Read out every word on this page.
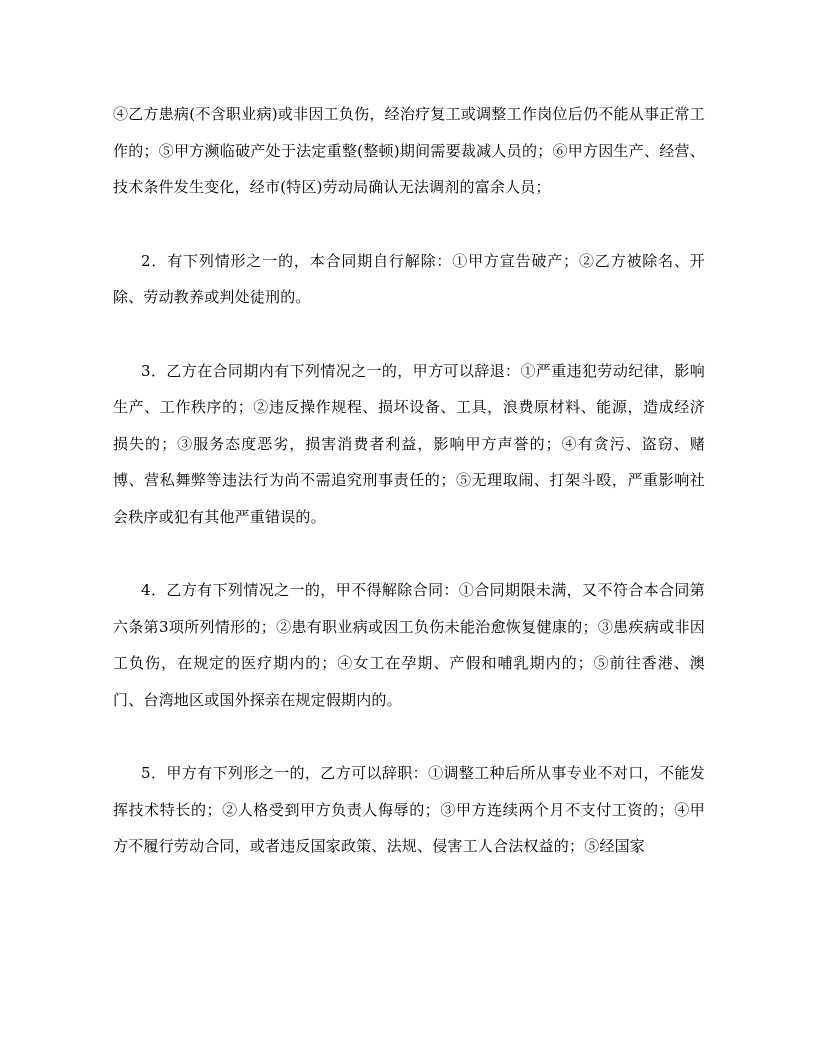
④乙方患病(不含职业病)或非因工负伤，经治疗复工或调整工作岗位后仍不能从事正常工作的；⑤甲方濒临破产处于法定重整(整顿)期间需要裁减人员的；⑥甲方因生产、经营、技术条件发生变化，经市(特区)劳动局确认无法调剂的富余人员；

2．有下列情形之一的，本合同期自行解除：①甲方宣告破产；②乙方被除名、开除、劳动教养或判处徒刑的。

3．乙方在合同期内有下列情况之一的，甲方可以辞退：①严重违犯劳动纪律，影响生产、工作秩序的；②违反操作规程、损坏设备、工具，浪费原材料、能源，造成经济损失的；③服务态度恶劣，损害消费者利益，影响甲方声誉的；④有贪污、盗窃、赌博、营私舞弊等违法行为尚不需追究刑事责任的；⑤无理取闹、打架斗殴，严重影响社会秩序或犯有其他严重错误的。

4．乙方有下列情况之一的，甲不得解除合同：①合同期限未满，又不符合本合同第六条第3项所列情形的；②患有职业病或因工负伤未能治愈恢复健康的；③患疾病或非因工负伤，在规定的医疗期内的；④女工在孕期、产假和哺乳期内的；⑤前往香港、澳门、台湾地区或国外探亲在规定假期内的。

5．甲方有下列形之一的，乙方可以辞职：①调整工种后所从事专业不对口，不能发挥技术特长的；②人格受到甲方负责人侮辱的；③甲方连续两个月不支付工资的；④甲方不履行劳动合同，或者违反国家政策、法规、侵害工人合法权益的；⑤经国家
